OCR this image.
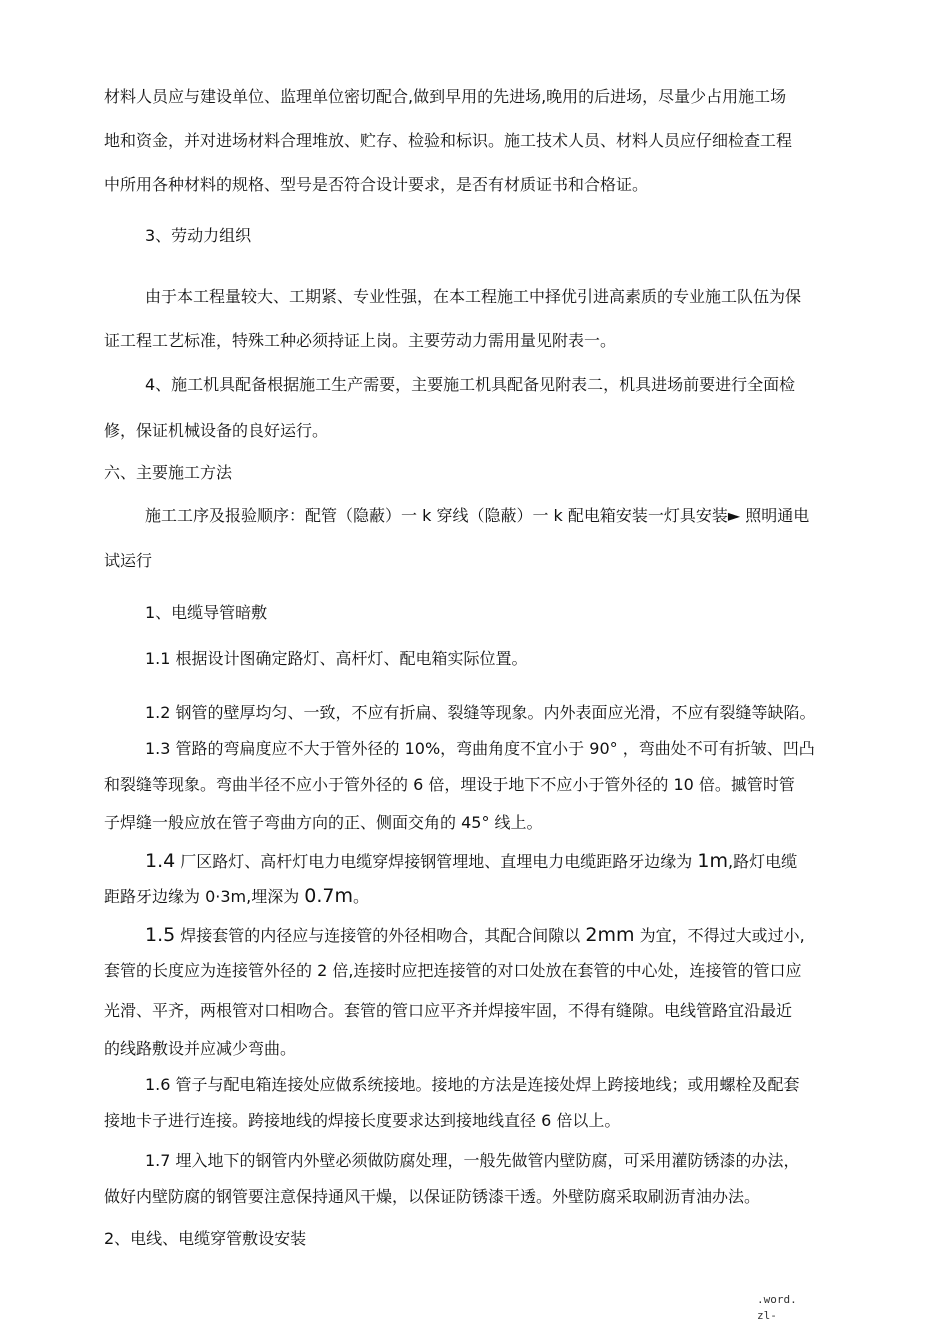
材料人员应与建设单位、监理单位密切配合,做到早用的先进场,晚用的后进场，尽量少占用施工场
地和资金，并对进场材料合理堆放、贮存、检验和标识。施工技术人员、材料人员应仔细检查工程
中所用各种材料的规格、型号是否符合设计要求，是否有材质证书和合格证。
3、劳动力组织
由于本工程量较大、工期紧、专业性强，在本工程施工中择优引进高素质的专业施工队伍为保
证工程工艺标准，特殊工种必须持证上岗。主要劳动力需用量见附表一。
4、施工机具配备根据施工生产需要，主要施工机具配备见附表二，机具进场前要进行全面检
修，保证机械设备的良好运行。
六、主要施工方法
施工工序及报验顺序：配管（隐蔽）一 k 穿线（隐蔽）一 k 配电箱安装一灯具安装► 照明通电
试运行
1、电缆导管暗敷
1.1 根据设计图确定路灯、高杆灯、配电箱实际位置。
1.2 钢管的壁厚均匀、一致，不应有折扁、裂缝等现象。内外表面应光滑，不应有裂缝等缺陷。
1.3 管路的弯扁度应不大于管外径的 10%，弯曲角度不宜小于 90° ，弯曲处不可有折皱、凹凸
和裂缝等现象。弯曲半径不应小于管外径的 6 倍，埋设于地下不应小于管外径的 10 倍。摵管时管
子焊缝一般应放在管子弯曲方向的正、侧面交角的 45° 线上。
1.4 厂区路灯、高杆灯电力电缆穿焊接钢管埋地、直埋电力电缆距路牙边缘为 1m,路灯电缆
距路牙边缘为 0·3m,埋深为 0.7m。
1.5 焊接套管的内径应与连接管的外径相吻合，其配合间隙以 2mm 为宜，不得过大或过小,
套管的长度应为连接管外径的 2 倍,连接时应把连接管的对口处放在套管的中心处，连接管的管口应
光滑、平齐，两根管对口相吻合。套管的管口应平齐并焊接牢固，不得有缝隙。电线管路宜沿最近
的线路敷设并应减少弯曲。
1.6 管子与配电箱连接处应做系统接地。接地的方法是连接处焊上跨接地线；或用螺栓及配套
接地卡子进行连接。跨接地线的焊接长度要求达到接地线直径 6 倍以上。
1.7 埋入地下的钢管内外壁必须做防腐处理，一般先做管内壁防腐，可采用灌防锈漆的办法，
做好内壁防腐的钢管要注意保持通风干燥，以保证防锈漆干透。外壁防腐采取刷沥青油办法。
2、电线、电缆穿管敷设安装
.word.
zl-
